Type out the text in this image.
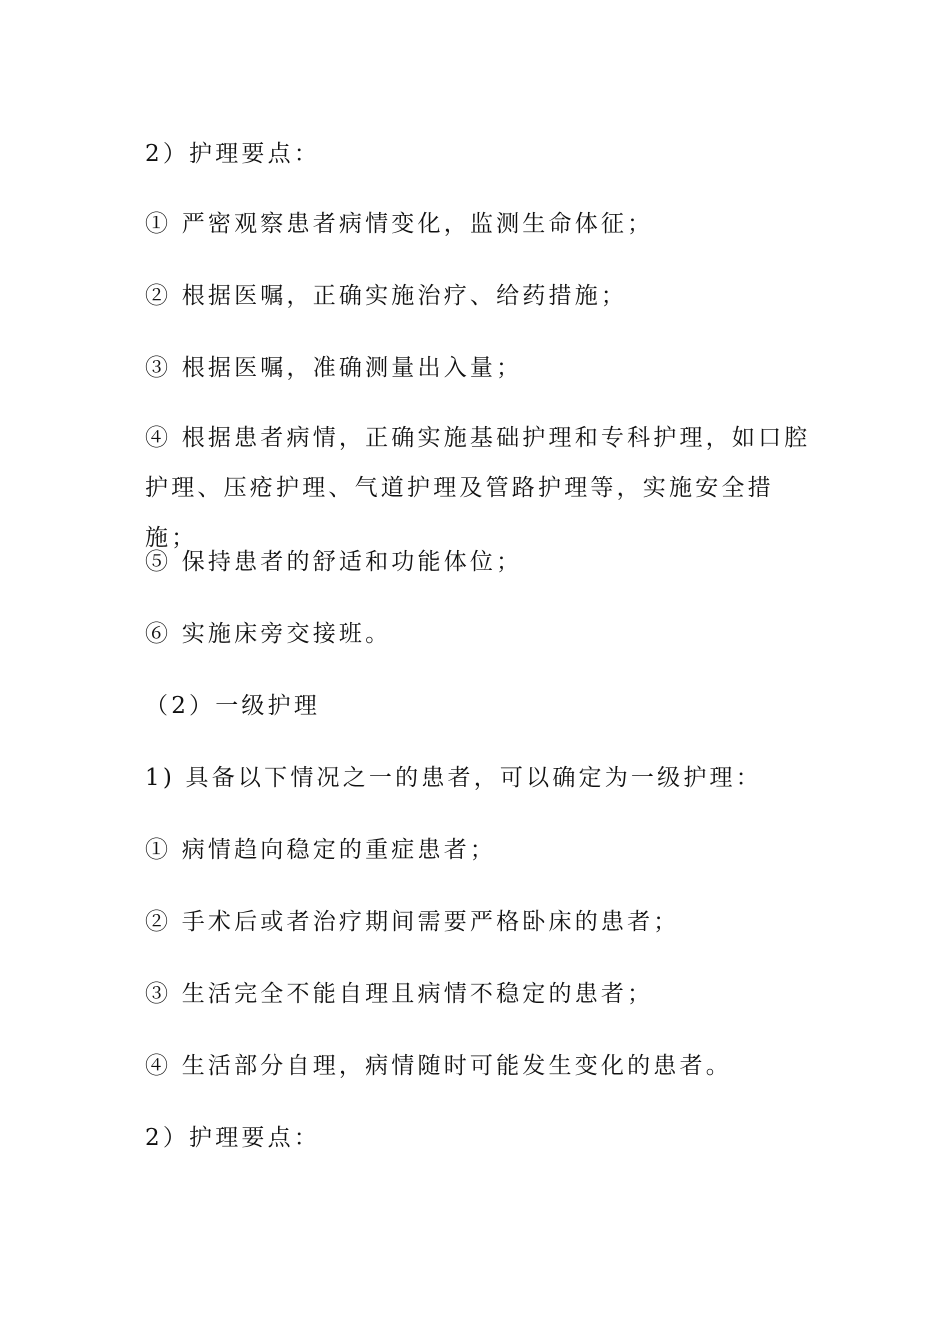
2）护理要点：
① 严密观察患者病情变化，监测生命体征；
② 根据医嘱，正确实施治疗、给药措施；
③ 根据医嘱，准确测量出入量；
④ 根据患者病情，正确实施基础护理和专科护理，如口腔护理、压疮护理、气道护理及管路护理等，实施安全措施；
⑤ 保持患者的舒适和功能体位；
⑥ 实施床旁交接班。
（2）一级护理
1) 具备以下情况之一的患者，可以确定为一级护理：
① 病情趋向稳定的重症患者；
② 手术后或者治疗期间需要严格卧床的患者；
③ 生活完全不能自理且病情不稳定的患者；
④ 生活部分自理，病情随时可能发生变化的患者。
2）护理要点：
